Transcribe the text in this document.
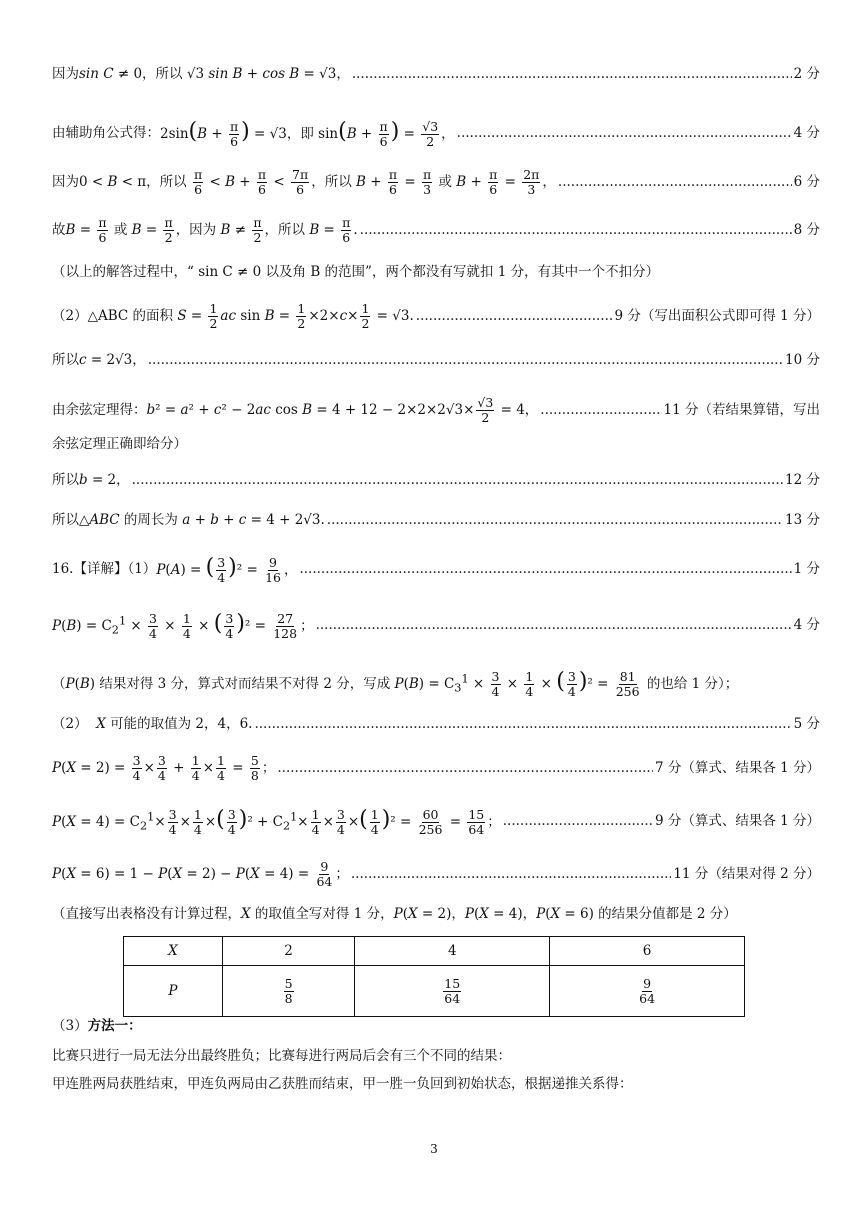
因为 sin C ≠ 0，所以 √3 sin B + cos B = √3， .....	2 分
由辅助角公式得： $2\sin(B + \frac{\pi}{6}$ ) = √3，即 $\sin(B + \frac{\pi}{6}$ ) = $\frac{√3}{2}$ ， .....	4 分
因为 0 < B < π，所以 $\frac{\pi}{6} < B + \frac{\pi}{6} < \frac{7\pi}{6}$ ，所以 $B + \frac{\pi}{6} = \frac{\pi}{3}$ 或 $B + \frac{\pi}{6} = \frac{2\pi}{3}$ ， .....	6 分
故 $B = \frac{\pi}{6}$ 或 $B = \frac{\pi}{2}$ ，因为 $B \ne \frac{\pi}{2}$ ，所以 $B = \frac{\pi}{6}$ . .....	8 分
（以上的解答过程中，“ sin C ≠ 0 以及角 B 的范围”，两个都没有写就扣 1 分，有其中一个不扣分）
（2）△ABC 的面积 $S = \frac{1}{2}$ ac $\sin B = \frac{1}{2} \times 2\times c\times \frac{1}{2} = √3$. .....	9 分（写出面积公式即可得 1 分）
所以 c = 2√3， .....	10 分
由余弦定理得： b² = a² + c² − 2ac $\cos B = 4 + 12 - 2\times 2\times 2√3\times \frac{√3}{2} = 4$， .....	11 分（若结果算错，写出
余弦定理正确即给分）
所以 b = 2， .....	12 分
所以 △ABC 的周长为 a + b + c = 4 + 2√3. .....	13 分
16.【详解】（1） P(A) = ( $\frac{3}{4} )^2 = \frac{9}{16}$ ， .....	1 分
$P(B) = C_2^1 \times \frac{3}{4} \times \frac{1}{4}$ × ( $\frac{3}{4} )^2 = \frac{27}{128}$ ； .....	4 分
（P(B) 结果对得 3 分，算式对而结果不对得 2 分，写成 $P(B) = C_3^1 \times \frac{3}{4} \times \frac{1}{4}$ × ( $\frac{3}{4} )^2 = \frac{81}{256}$ 的也给 1 分）；
（2） X 可能的取值为 2，4，6. .....	5 分
$P(X = 2) = \frac{3}{4} \times \frac{3}{4} + \frac{1}{4} \times \frac{1}{4} = \frac{5}{8}$ ； .....	7 分（算式、结果各 1 分）
$P(X = 4) = C_2^1\times \frac{3}{4} \times \frac{1}{4}$ ×( $\frac{3}{4} )^2 + C_2^1\times \frac{1}{4} \times \frac{3}{4}$ ×( $\frac{1}{4} )^2 = \frac{60}{256} = \frac{15}{64}$ ； .....	9 分（算式、结果各 1 分）
$P(X = 6) = 1 - P(X = 2) - P(X = 4) = \frac{9}{64}$ ； .....	11 分（结果对得 2 分）
（直接写出表格没有计算过程，X 的取值全写对得 1 分，P(X = 2)，P(X = 4)，P(X = 6) 的结果分值都是 2 分）
X	2	4	6
P	$\frac{5}{8}$	$\frac{15}{64}$	$\frac{9}{64}$
（3） 方法一：
比赛只进行一局无法分出最终胜负；比赛每进行两局后会有三个不同的结果：
甲连胜两局获胜结束，甲连负两局由乙获胜而结束，甲一胜一负回到初始状态，根据递推关系得：
3
